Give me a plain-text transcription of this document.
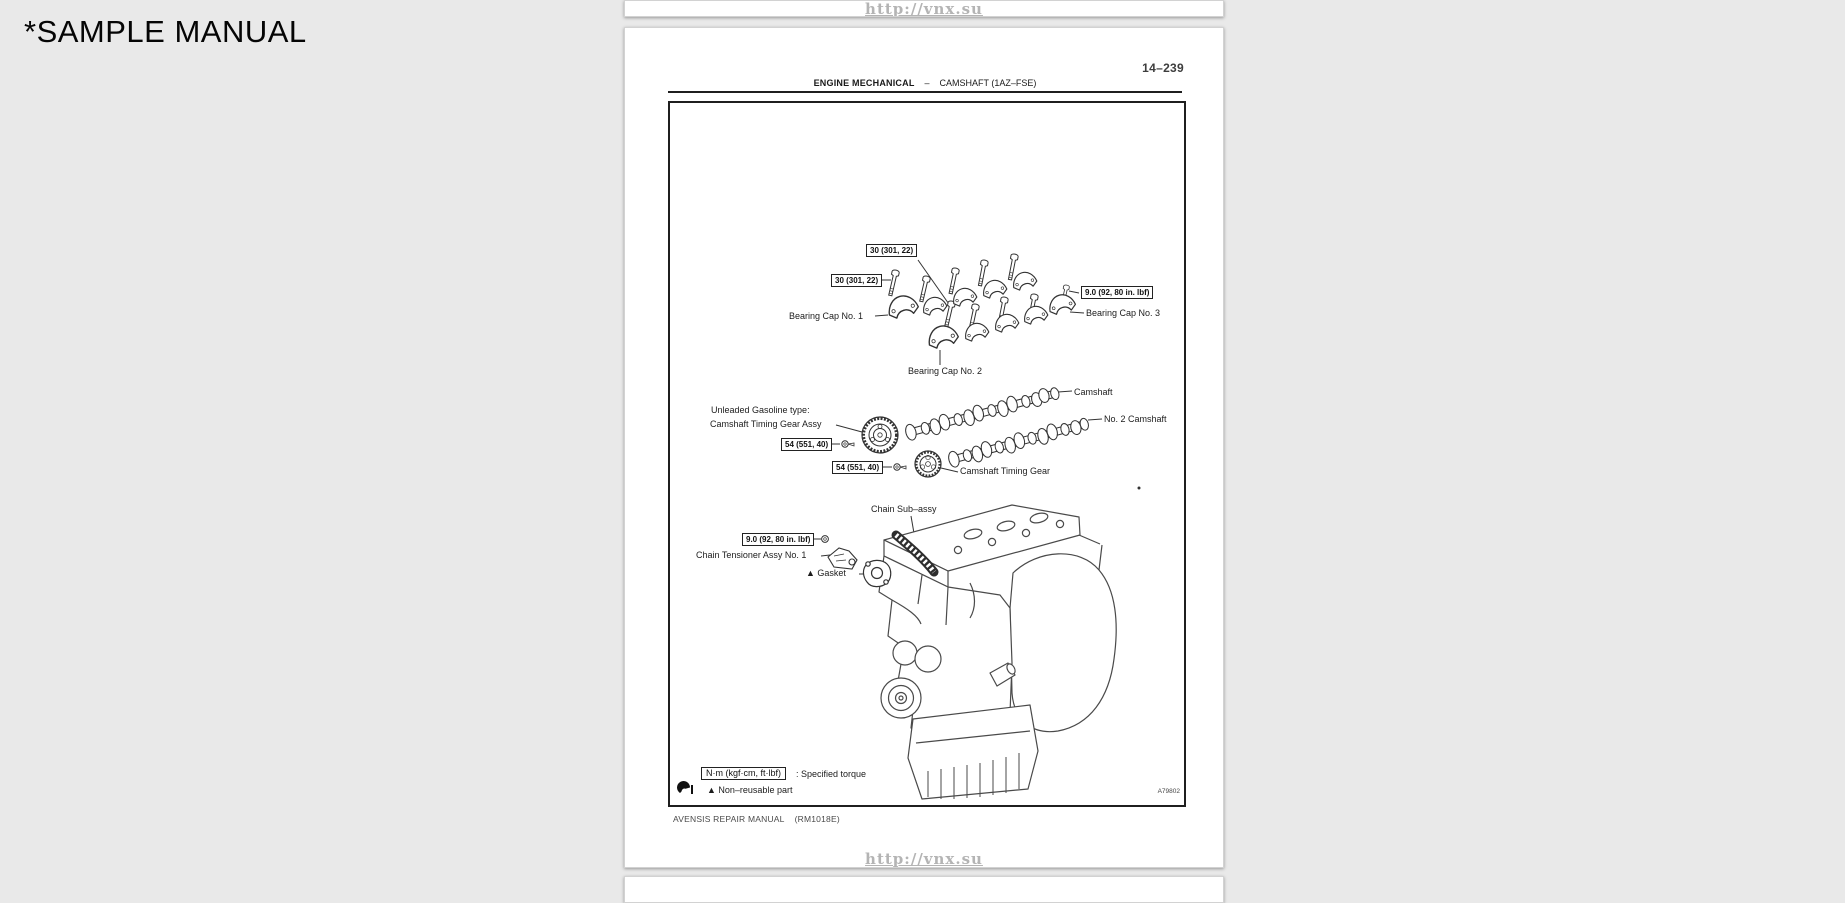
*SAMPLE MANUAL
http://vnx.su
14–239
ENGINE MECHANICAL – CAMSHAFT (1AZ–FSE)
30 (301, 22)
30 (301, 22)
9.0 (92, 80 in. lbf)
54 (551, 40)
54 (551, 40)
9.0 (92, 80 in. lbf)
Bearing Cap No. 1	Bearing Cap No. 3
Bearing Cap No. 2
Camshaft
Unleaded Gasoline type:
Camshaft Timing Gear Assy	No. 2 Camshaft
Camshaft Timing Gear
Chain Sub–assy
Chain Tensioner Assy No. 1
▲ Gasket
N·m (kgf·cm, ft·lbf)	: Specified torque
▲ Non–reusable part	A79802
AVENSIS REPAIR MANUAL (RM1018E)
http://vnx.su
